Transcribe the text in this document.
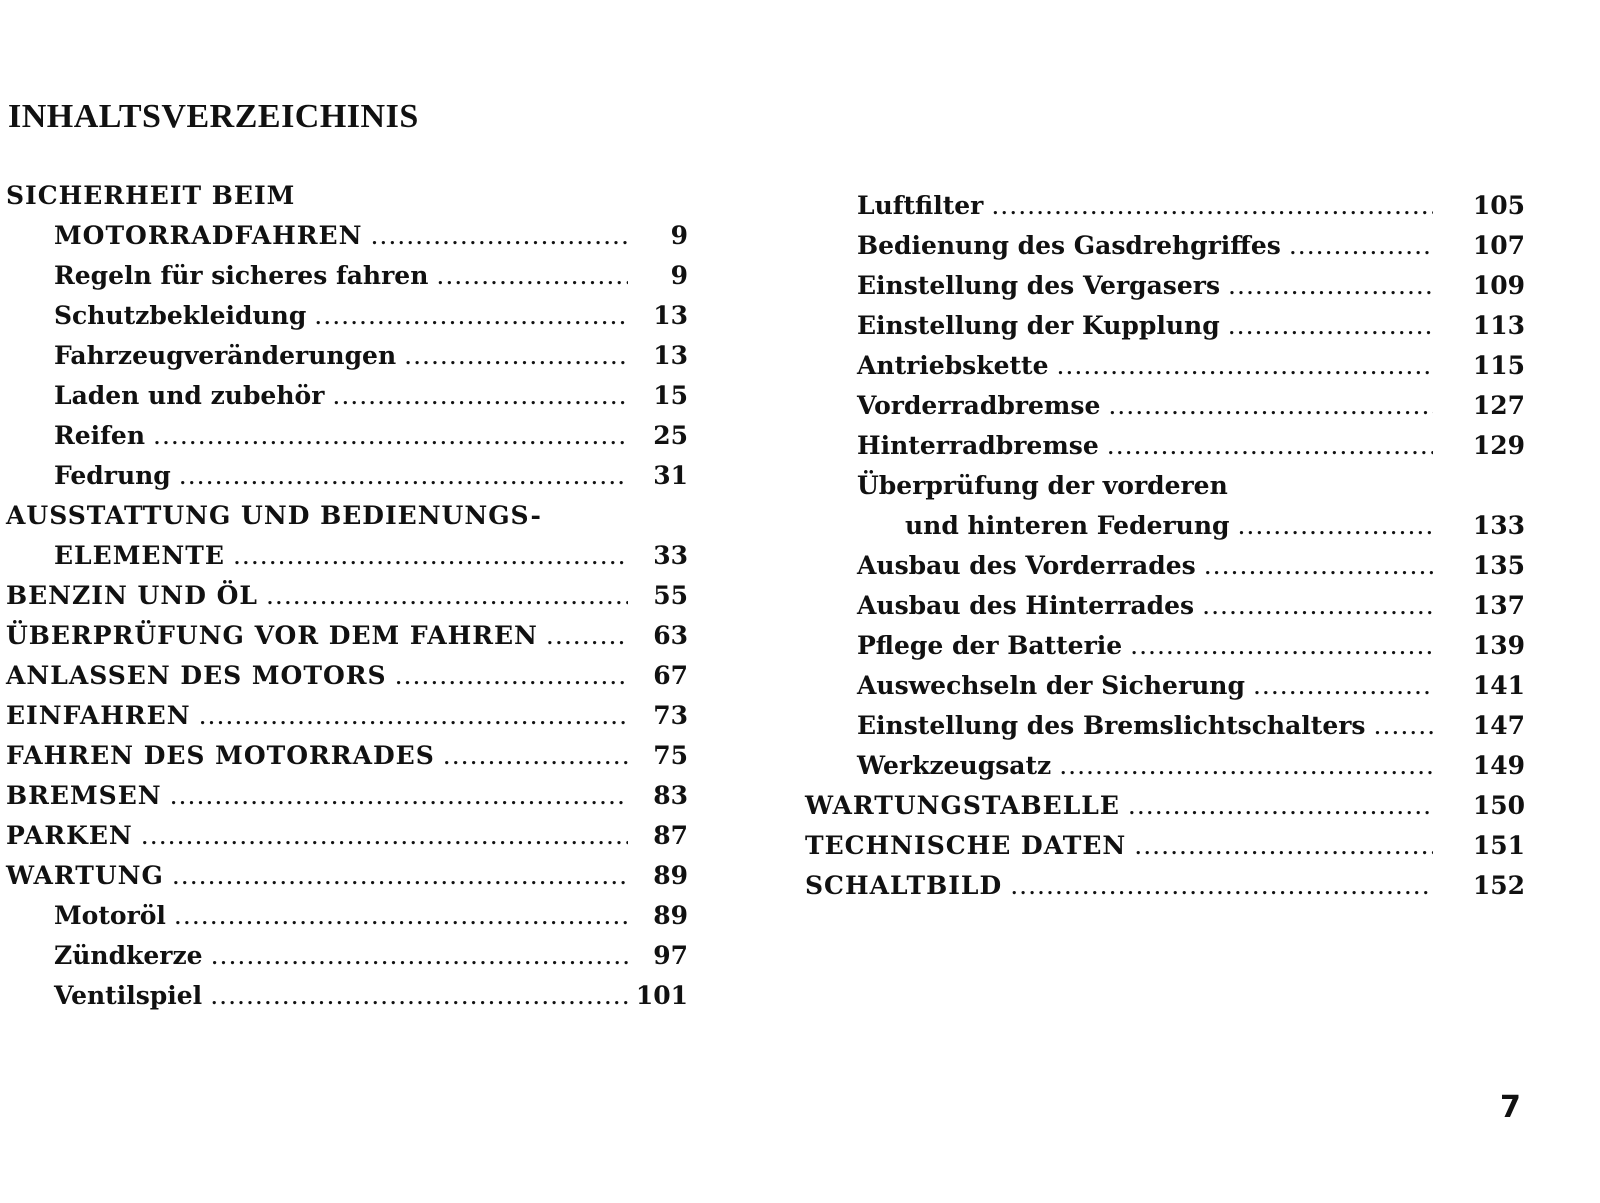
INHALTSVERZEICHINIS
SICHERHEIT BEIM
MOTORRADFAHREN .....	9
Regeln für sicheres fahren .....	9
Schutzbekleidung .....	13
Fahrzeugveränderungen .....	13
Laden und zubehör .....	15
Reifen .....	25
Fedrung .....	31
AUSSTATTUNG UND BEDIENUNGS-
ELEMENTE .....	33
BENZIN UND ÖL .....	55
ÜBERPRÜFUNG VOR DEM FAHREN .....	63
ANLASSEN DES MOTORS .....	67
EINFAHREN .....	73
FAHREN DES MOTORRADES .....	75
BREMSEN .....	83
PARKEN .....	87
WARTUNG .....	89
Motoröl .....	89
Zündkerze .....	97
Ventilspiel .....	101
Luftfilter .....	105
Bedienung des Gasdrehgriffes .....	107
Einstellung des Vergasers .....	109
Einstellung der Kupplung .....	113
Antriebskette .....	115
Vorderradbremse .....	127
Hinterradbremse .....	129
Überprüfung der vorderen
und hinteren Federung .....	133
Ausbau des Vorderrades .....	135
Ausbau des Hinterrades .....	137
Pflege der Batterie .....	139
Auswechseln der Sicherung .....	141
Einstellung des Bremslichtschalters .....	147
Werkzeugsatz .....	149
WARTUNGSTABELLE .....	150
TECHNISCHE DATEN .....	151
SCHALTBILD .....	152
7
